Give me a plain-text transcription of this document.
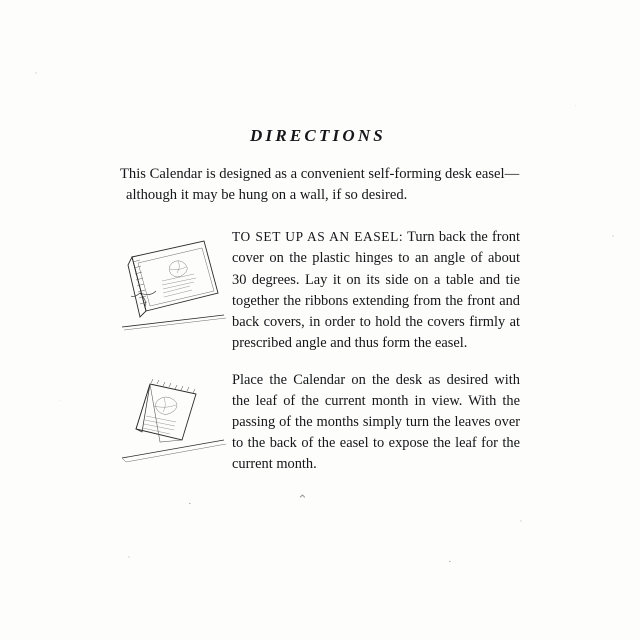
⌃
·
·
DIRECTIONS

This Calendar is designed as a convenient self-forming desk easel—
although it may be hung on a wall, if so desired.

TO SET UP AS AN EASEL: Turn back the front cover on the plastic hinges to an angle of about 30 degrees. Lay it on its side on a table and tie together the ribbons extending from the front and back covers, in order to hold the covers firmly at prescribed angle and thus form the easel.
Place the Calendar on the desk as desired with the leaf of the current month in view. With the passing of the months simply turn the leaves over to the back of the easel to expose the leaf for the current month.
